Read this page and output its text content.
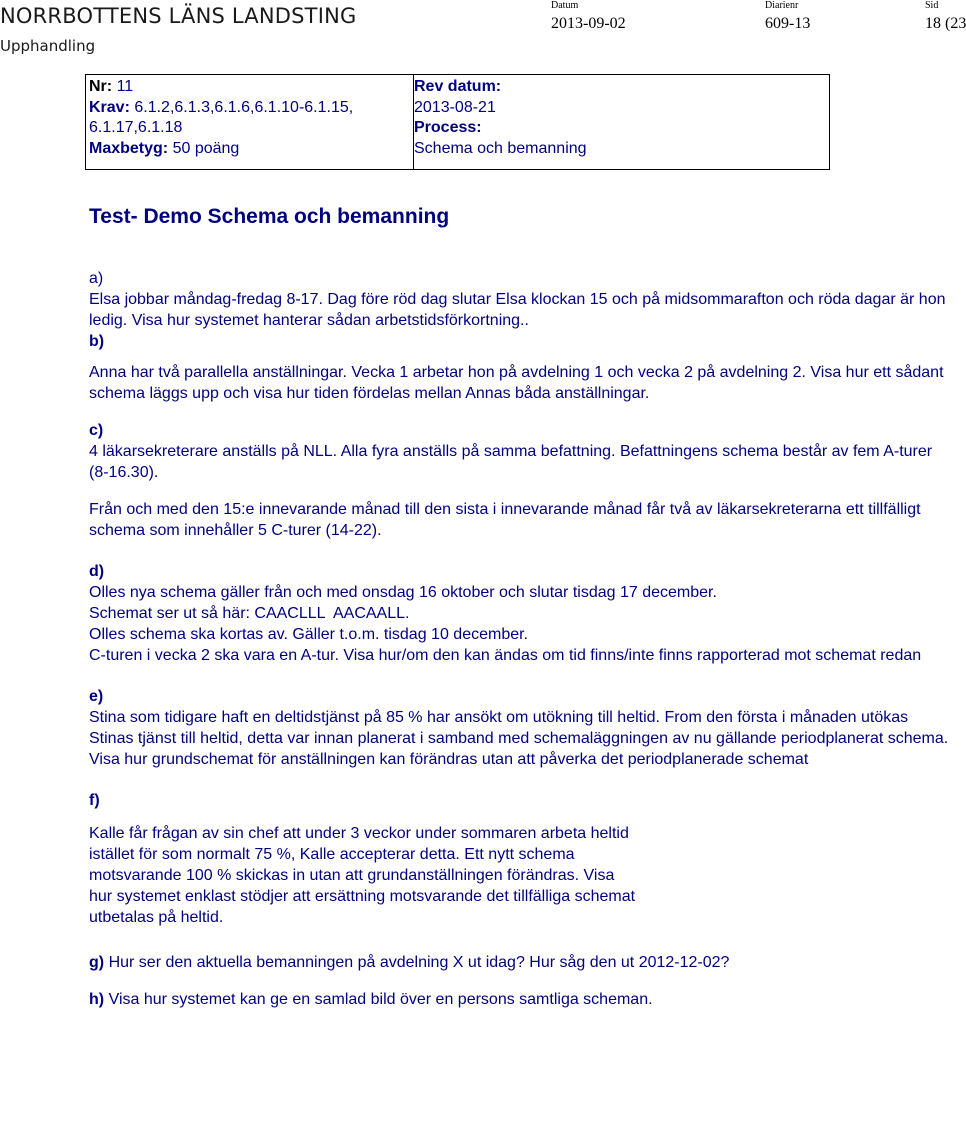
NORRBOTTENS LÄNS LANDSTING
Upphandling
Datum
2013-09-02
Diarienr
609-13
Sid
18 (23
Nr: 11
Krav: 6.1.2,6.1.3,6.1.6,6.1.10-6.1.15,
6.1.17,6.1.18
Maxbetyg: 50 poäng
Rev datum:
2013-08-21
Process:
Schema och bemanning
Test- Demo Schema och bemanning

a)

Elsa jobbar måndag-fredag 8-17. Dag före röd dag slutar Elsa klockan 15 och på midsommarafton och röda dagar är hon ledig. Visa hur systemet hanterar sådan arbetstidsförkortning..

b)

Anna har två parallella anställningar. Vecka 1 arbetar hon på avdelning 1 och vecka 2 på avdelning 2. Visa hur ett sådant schema läggs upp och visa hur tiden fördelas mellan Annas båda anställningar.

c)

4 läkarsekreterare anställs på NLL. Alla fyra anställs på samma befattning. Befattningens schema består av fem A-turer (8-16.30).

Från och med den 15:e innevarande månad till den sista i innevarande månad får två av läkarsekreterarna ett tillfälligt schema som innehåller 5 C-turer (14-22).

d)

Olles nya schema gäller från och med onsdag 16 oktober och slutar tisdag 17 december.

Schemat ser ut så här: CAACLLL  AACAALL.

Olles schema ska kortas av. Gäller t.o.m. tisdag 10 december.

C-turen i vecka 2 ska vara en A-tur. Visa hur/om den kan ändas om tid finns/inte finns rapporterad mot schemat redan

e)

Stina som tidigare haft en deltidstjänst på 85 % har ansökt om utökning till heltid. From den första i månaden utökas Stinas tjänst till heltid, detta var innan planerat i samband med schemaläggningen av nu gällande periodplanerat schema.

Visa hur grundschemat för anställningen kan förändras utan att påverka det periodplanerade schemat

f)

Kalle får frågan av sin chef att under 3 veckor under sommaren arbeta heltid

istället för som normalt 75 %, Kalle accepterar detta. Ett nytt schema

motsvarande 100 % skickas in utan att grundanställningen förändras. Visa

hur systemet enklast stödjer att ersättning motsvarande det tillfälliga schemat

utbetalas på heltid.

g) Hur ser den aktuella bemanningen på avdelning X ut idag? Hur såg den ut 2012-12-02?

h) Visa hur systemet kan ge en samlad bild över en persons samtliga scheman.
